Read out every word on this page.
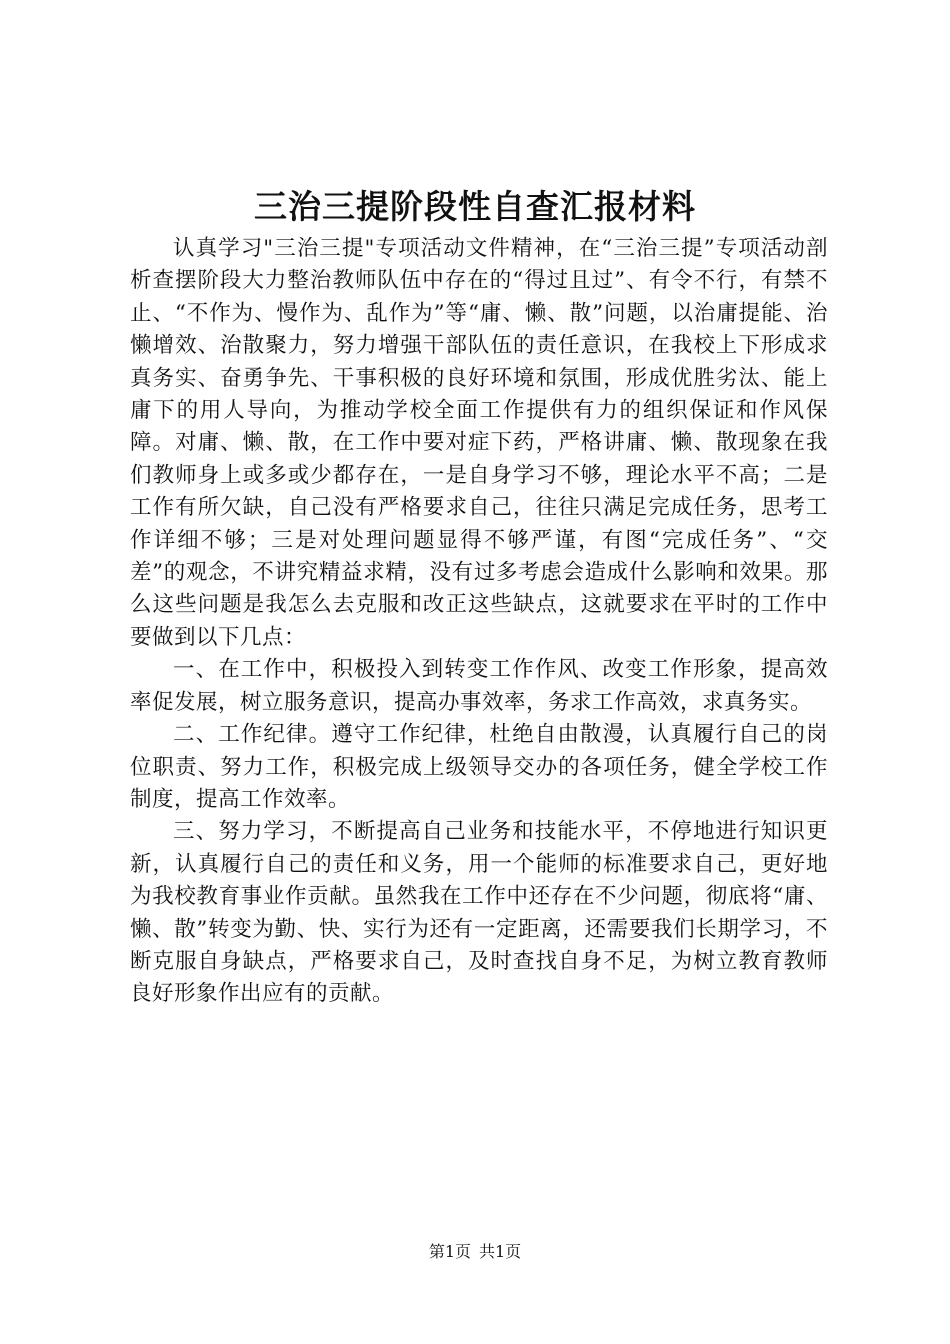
三治三提阶段性自查汇报材料

认真学习"三治三提"专项活动文件精神，在“三治三提”专项活动剖析查摆阶段大力整治教师队伍中存在的“得过且过”、有令不行，有禁不止、“不作为、慢作为、乱作为”等“庸、懒、散”问题，以治庸提能、治懒增效、治散聚力，努力增强干部队伍的责任意识，在我校上下形成求真务实、奋勇争先、干事积极的良好环境和氛围，形成优胜劣汰、能上庸下的用人导向，为推动学校全面工作提供有力的组织保证和作风保障。对庸、懒、散，在工作中要对症下药，严格讲庸、懒、散现象在我们教师身上或多或少都存在，一是自身学习不够，理论水平不高；二是工作有所欠缺，自己没有严格要求自己，往往只满足完成任务，思考工作详细不够；三是对处理问题显得不够严谨，有图“完成任务”、“交差”的观念，不讲究精益求精，没有过多考虑会造成什么影响和效果。那么这些问题是我怎么去克服和改正这些缺点，这就要求在平时的工作中要做到以下几点：

一、在工作中，积极投入到转变工作作风、改变工作形象，提高效率促发展，树立服务意识，提高办事效率，务求工作高效，求真务实。

二、工作纪律。遵守工作纪律，杜绝自由散漫，认真履行自己的岗位职责、努力工作，积极完成上级领导交办的各项任务，健全学校工作制度，提高工作效率。

三、努力学习，不断提高自己业务和技能水平，不停地进行知识更新，认真履行自己的责任和义务，用一个能师的标准要求自己，更好地为我校教育事业作贡献。虽然我在工作中还存在不少问题，彻底将“庸、懒、散”转变为勤、快、实行为还有一定距离，还需要我们长期学习，不断克服自身缺点，严格要求自己，及时查找自身不足，为树立教育教师良好形象作出应有的贡献。

第1页 共1页
